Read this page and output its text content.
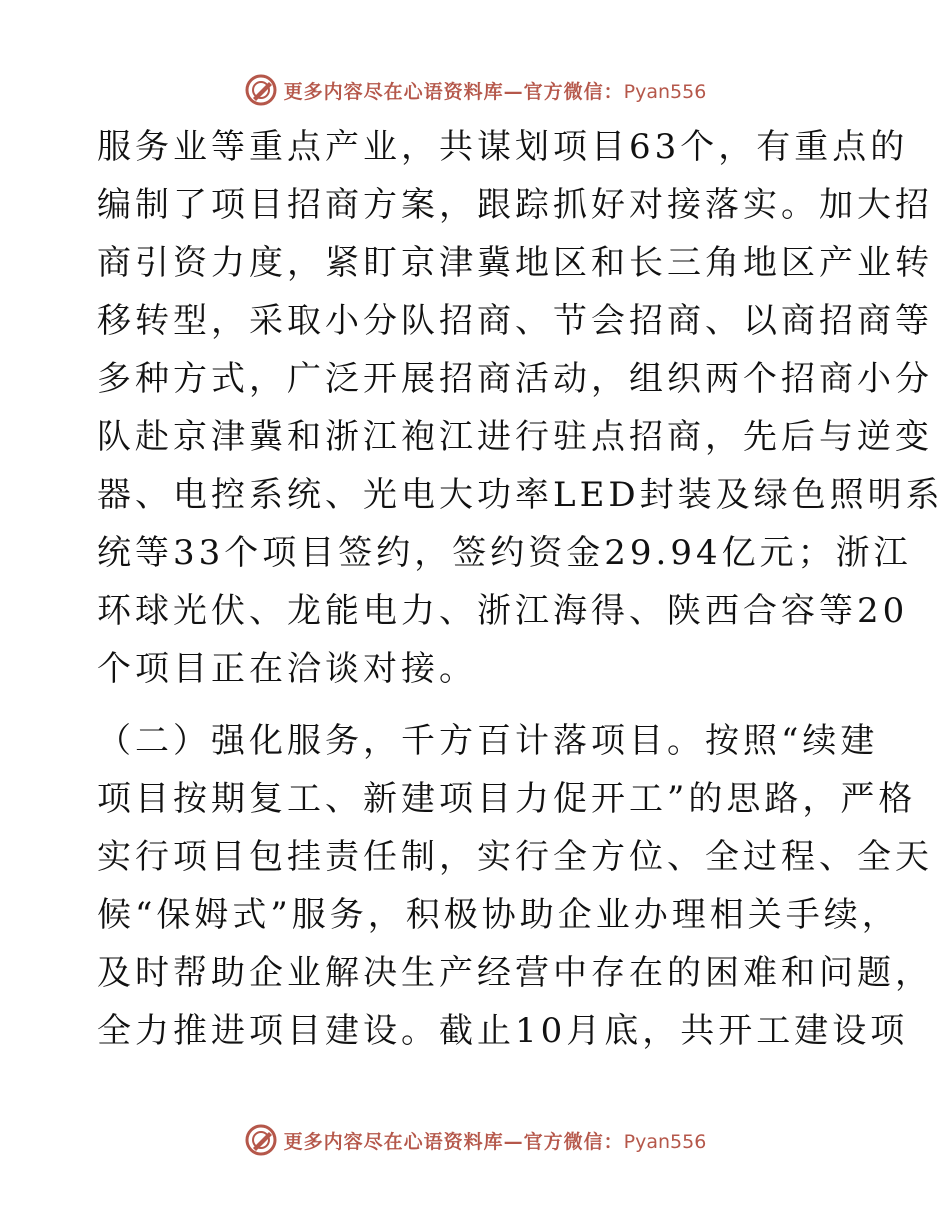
更多内容尽在心语资料库—官方微信：Pyan556
服务业等重点产业，共谋划项目63个，有重点的
编制了项目招商方案，跟踪抓好对接落实。加大招
商引资力度，紧盯京津冀地区和长三角地区产业转
移转型，采取小分队招商、节会招商、以商招商等
多种方式，广泛开展招商活动，组织两个招商小分
队赴京津冀和浙江袍江进行驻点招商，先后与逆变
器、电控系统、光电大功率LED封装及绿色照明系
统等33个项目签约，签约资金29.94亿元；浙江
环球光伏、龙能电力、浙江海得、陕西合容等20
个项目正在洽谈对接。
（二）强化服务，千方百计落项目。按照“续建
项目按期复工、新建项目力促开工”的思路，严格
实行项目包挂责任制，实行全方位、全过程、全天
候“保姆式”服务，积极协助企业办理相关手续，
及时帮助企业解决生产经营中存在的困难和问题，
全力推进项目建设。截止10月底，共开工建设项
更多内容尽在心语资料库—官方微信：Pyan556
